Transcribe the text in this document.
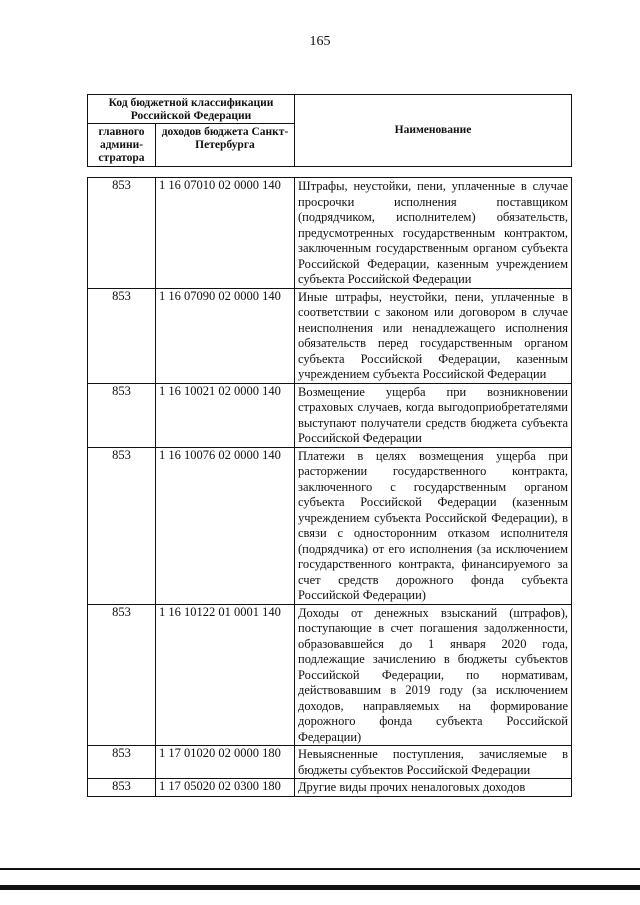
165
Код бюджетной классификации Российской Федерации		Наименование
главного админи-стратора	доходов бюджета Санкт-Петербурга	
853	1 16 07010 02 0000 140	Штрафы, неустойки, пени, уплаченные в случае просрочки исполнения поставщиком (подрядчиком, исполнителем) обязательств, предусмотренных государственным контрактом, заключенным государственным органом субъекта Российской Федерации, казенным учреждением субъекта Российской Федерации
853	1 16 07090 02 0000 140	Иные штрафы, неустойки, пени, уплаченные в соответствии с законом или договором в случае неисполнения или ненадлежащего исполнения обязательств перед государственным органом субъекта Российской Федерации, казенным учреждением субъекта Российской Федерации
853	1 16 10021 02 0000 140	Возмещение ущерба при возникновении страховых случаев, когда выгодоприобретателями выступают получатели средств бюджета субъекта Российской Федерации
853	1 16 10076 02 0000 140	Платежи в целях возмещения ущерба при расторжении государственного контракта, заключенного с государственным органом субъекта Российской Федерации (казенным учреждением субъекта Российской Федерации), в связи с односторонним отказом исполнителя (подрядчика) от его исполнения (за исключением государственного контракта, финансируемого за счет средств дорожного фонда субъекта Российской Федерации)
853	1 16 10122 01 0001 140	Доходы от денежных взысканий (штрафов), поступающие в счет погашения задолженности, образовавшейся до 1 января 2020 года, подлежащие зачислению в бюджеты субъектов Российской Федерации, по нормативам, действовавшим в 2019 году (за исключением доходов, направляемых на формирование дорожного фонда субъекта Российской Федерации)
853	1 17 01020 02 0000 180	Невыясненные поступления, зачисляемые в бюджеты субъектов Российской Федерации
853	1 17 05020 02 0300 180	Другие виды прочих неналоговых доходов
